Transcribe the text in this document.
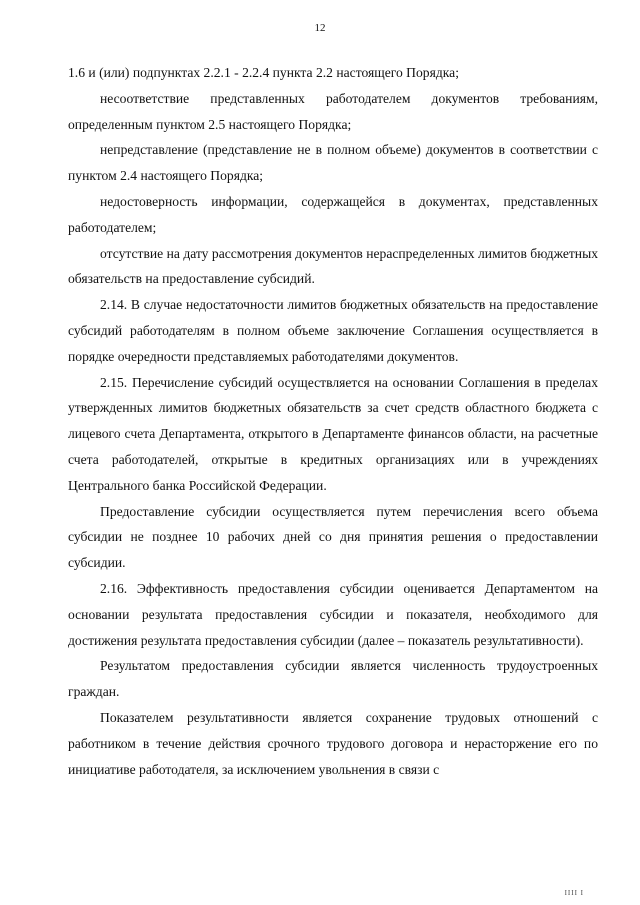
12

1.6 и (или) подпунктах 2.2.1 - 2.2.4 пункта 2.2 настоящего Порядка;

несоответствие представленных работодателем документов требованиям, определенным пунктом 2.5 настоящего Порядка;

непредставление (представление не в полном объеме) документов в соответствии с пунктом 2.4 настоящего Порядка;

недостоверность информации, содержащейся в документах, представленных работодателем;

отсутствие на дату рассмотрения документов нераспределенных лимитов бюджетных обязательств на предоставление субсидий.

2.14. В случае недостаточности лимитов бюджетных обязательств на предоставление субсидий работодателям в полном объеме заключение Соглашения осуществляется в порядке очередности представляемых работодателями документов.

2.15. Перечисление субсидий осуществляется на основании Соглашения в пределах утвержденных лимитов бюджетных обязательств за счет средств областного бюджета с лицевого счета Департамента, открытого в Департаменте финансов области, на расчетные счета работодателей, открытые в кредитных организациях или в учреждениях Центрального банка Российской Федерации.

Предоставление субсидии осуществляется путем перечисления всего объема субсидии не позднее 10 рабочих дней со дня принятия решения о предоставлении субсидии.

2.16. Эффективность предоставления субсидии оценивается Департаментом на основании результата предоставления субсидии и показателя, необходимого для достижения результата предоставления субсидии (далее – показатель результативности).

Результатом предоставления субсидии является численность трудоустроенных граждан.

Показателем результативности является сохранение трудовых отношений с работником в течение действия срочного трудового договора и нерасторжение его по инициативе работодателя, за исключением увольнения в связи с

IIII I
